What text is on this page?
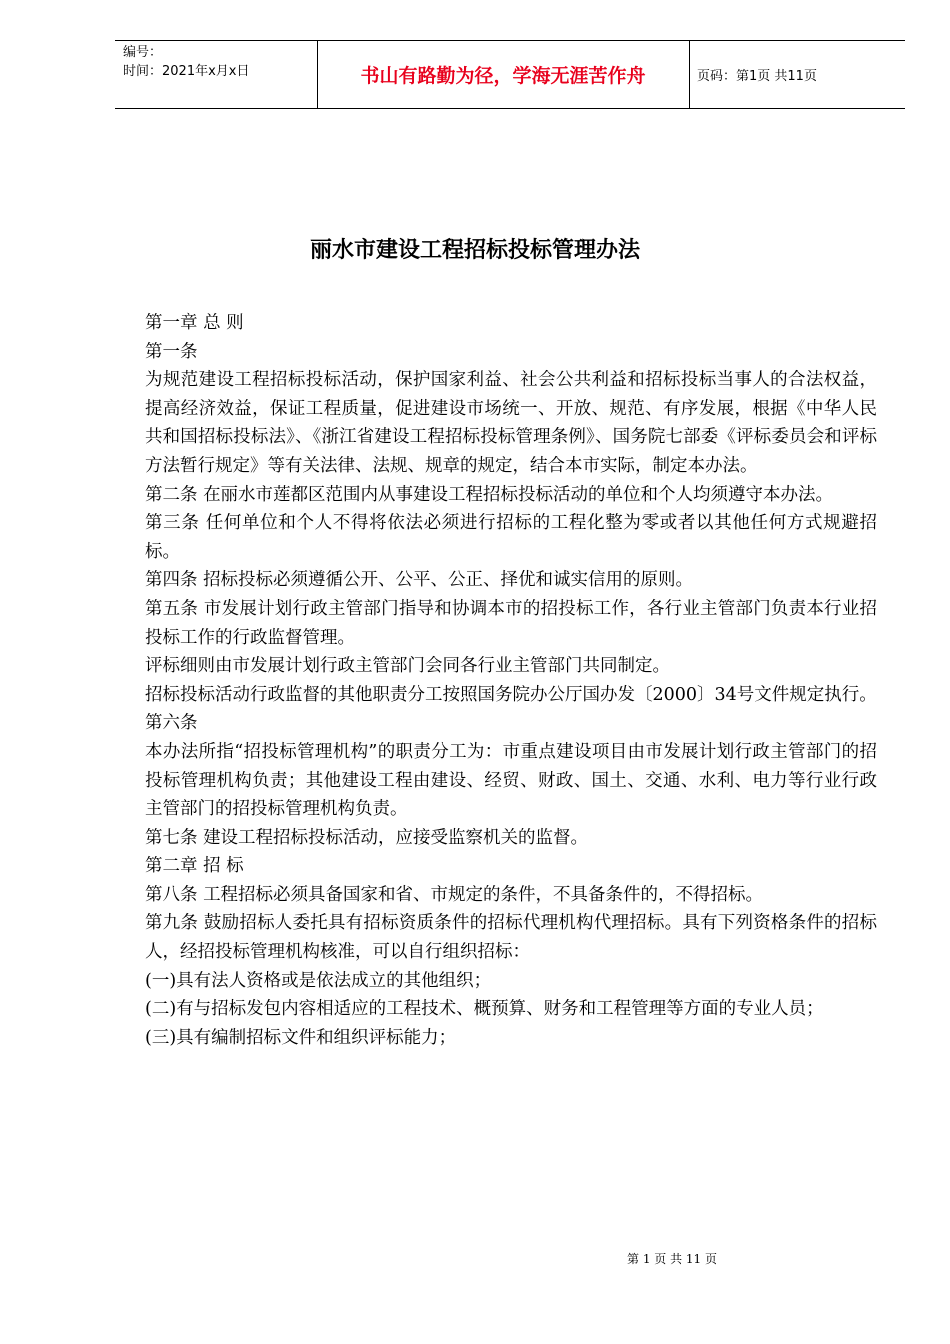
编号：
时间：2021年x月x日	书山有路勤为径，学海无涯苦作舟	页码：第1页 共11页
丽水市建设工程招标投标管理办法

第一章 总 则

第一条

为规范建设工程招标投标活动，保护国家利益、社会公共利益和招标投标当事人的合法权益，提高经济效益，保证工程质量，促进建设市场统一、开放、规范、有序发展，根据《中华人民共和国招标投标法》、《浙江省建设工程招标投标管理条例》、国务院七部委《评标委员会和评标方法暂行规定》等有关法律、法规、规章的规定，结合本市实际，制定本办法。

第二条 在丽水市莲都区范围内从事建设工程招标投标活动的单位和个人均须遵守本办法。

第三条 任何单位和个人不得将依法必须进行招标的工程化整为零或者以其他任何方式规避招标。

第四条 招标投标必须遵循公开、公平、公正、择优和诚实信用的原则。

第五条 市发展计划行政主管部门指导和协调本市的招投标工作，各行业主管部门负责本行业招投标工作的行政监督管理。

评标细则由市发展计划行政主管部门会同各行业主管部门共同制定。

招标投标活动行政监督的其他职责分工按照国务院办公厅国办发〔2000〕34号文件规定执行。

第六条

本办法所指“招投标管理机构”的职责分工为：市重点建设项目由市发展计划行政主管部门的招投标管理机构负责；其他建设工程由建设、经贸、财政、国土、交通、水利、电力等行业行政主管部门的招投标管理机构负责。

第七条 建设工程招标投标活动，应接受监察机关的监督。

第二章 招 标

第八条 工程招标必须具备国家和省、市规定的条件，不具备条件的，不得招标。

第九条 鼓励招标人委托具有招标资质条件的招标代理机构代理招标。具有下列资格条件的招标人，经招投标管理机构核准，可以自行组织招标：

(一)具有法人资格或是依法成立的其他组织；

(二)有与招标发包内容相适应的工程技术、概预算、财务和工程管理等方面的专业人员；

(三)具有编制招标文件和组织评标能力；

第 1 页 共 11 页
